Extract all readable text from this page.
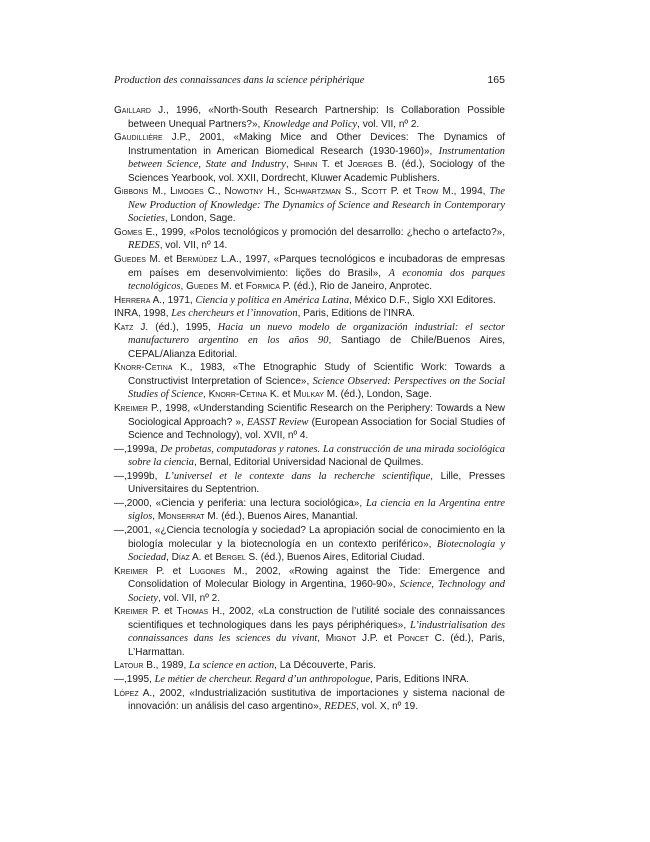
Production des connaissances dans la science périphérique	165

Gaillard J., 1996, «North-South Research Partnership: Is Collaboration Possible between Unequal Partners?», Knowledge and Policy, vol. VII, nº 2.

Gaudillière J.P., 2001, «Making Mice and Other Devices: The Dynamics of Instrumentation in American Biomedical Research (1930-1960)», Instrumentation between Science, State and Industry, Shinn T. et Joerges B. (éd.), Sociology of the Sciences Yearbook, vol. XXII, Dordrecht, Kluwer Academic Publishers.

Gibbons M., Limoges C., Nowotny H., Schwartzman S., Scott P. et Trow M., 1994, The New Production of Knowledge: The Dynamics of Science and Research in Contemporary Societies, London, Sage.

Gomes E., 1999, «Polos tecnológicos y promoción del desarrollo: ¿hecho o artefacto?», REDES, vol. VII, nº 14.

Guedes M. et Bermúdez L.A., 1997, «Parques tecnológicos e incubadoras de empresas em países em desenvolvimiento: lições do Brasil», A economia dos parques tecnológicos, Guedes M. et Formica P. (éd.), Rio de Janeiro, Anprotec.

Herrera A., 1971, Ciencia y política en América Latina, México D.F., Siglo XXI Editores.

INRA, 1998, Les chercheurs et l’innovation, Paris, Editions de l’INRA.

Katz J. (éd.), 1995, Hacia un nuevo modelo de organización industrial: el sector manufacturero argentino en los años 90, Santiago de Chile/Buenos Aires, CEPAL/Alianza Editorial.

Knorr-Cetina K., 1983, «The Etnographic Study of Scientific Work: Towards a Constructivist Interpretation of Science», Science Observed: Perspectives on the Social Studies of Science, Knorr-Cetina K. et Mulkay M. (éd.), London, Sage.

Kreimer P., 1998, «Understanding Scientific Research on the Periphery: Towards a New Sociological Approach? », EASST Review (European Association for Social Studies of Science and Technology), vol. XVII, nº 4.

—,1999a, De probetas, computadoras y ratones. La construcción de una mirada sociológica sobre la ciencia, Bernal, Editorial Universidad Nacional de Quilmes.

—,1999b, L’universel et le contexte dans la recherche scientifique, Lille, Presses Universitaires du Septentrion.

—,2000, «Ciencia y periferia: una lectura sociológica», La ciencia en la Argentina entre siglos, Monserrat M. (éd.), Buenos Aires, Manantial.

—,2001, «¿Ciencia tecnología y sociedad? La apropiación social de conocimiento en la biología molecular y la biotecnología en un contexto periférico», Biotecnología y Sociedad, Díaz A. et Bergel S. (éd.), Buenos Aires, Editorial Ciudad.

Kreimer P. et Lugones M., 2002, «Rowing against the Tide: Emergence and Consolidation of Molecular Biology in Argentina, 1960-90», Science, Technology and Society, vol. VII, nº 2.

Kreimer P. et Thomas H., 2002, «La construction de l’utilité sociale des connaissances scientifiques et technologiques dans les pays périphériques», L’industrialisation des connaissances dans les sciences du vivant, Mignot J.P. et Poncet C. (éd.), Paris, L’Harmattan.

Latour B., 1989, La science en action, La Découverte, Paris.

—,1995, Le métier de chercheur. Regard d’un anthropologue, Paris, Editions INRA.

López A., 2002, «Industrialización sustitutiva de importaciones y sistema nacional de innovación: un análisis del caso argentino», REDES, vol. X, nº 19.
